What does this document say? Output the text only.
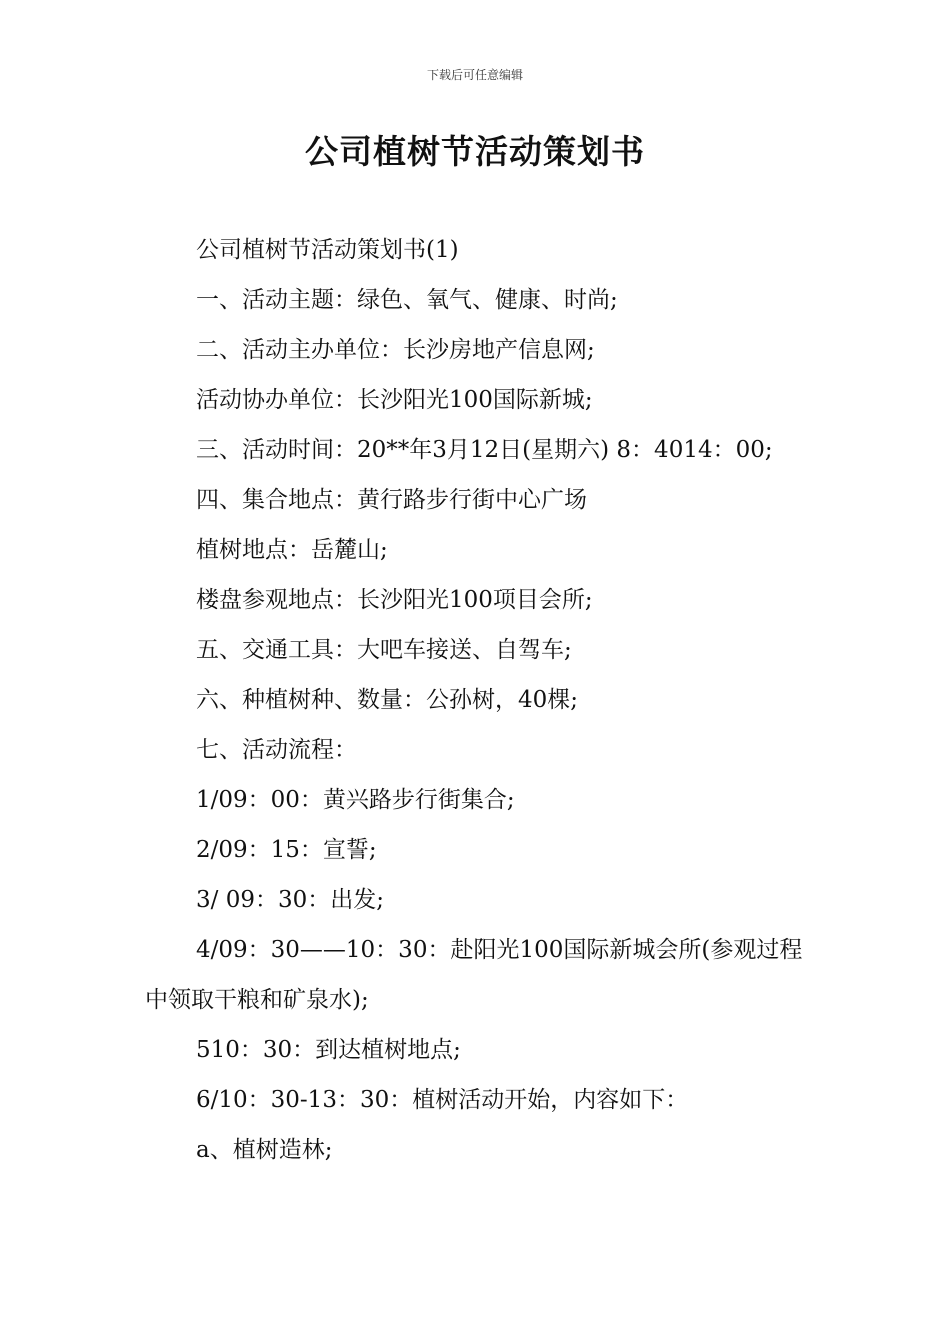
下载后可任意编辑
公司植树节活动策划书

公司植树节活动策划书(1)

一、活动主题：绿色、氧气、健康、时尚;

二、活动主办单位：长沙房地产信息网;

活动协办单位：长沙阳光100国际新城;

三、活动时间：20**年3月12日(星期六) 8：4014：00;

四、集合地点：黄行路步行街中心广场

植树地点：岳麓山;

楼盘参观地点：长沙阳光100项目会所;

五、交通工具：大吧车接送、自驾车;

六、种植树种、数量：公孙树，40棵;

七、活动流程：

1/09：00：黄兴路步行街集合;

2/09：15：宣誓;

3/ 09：30：出发;

4/09：30——10：30：赴阳光100国际新城会所(参观过程中领取干粮和矿泉水);

510：30：到达植树地点;

6/10：30-13：30：植树活动开始，内容如下：

a、植树造林;
